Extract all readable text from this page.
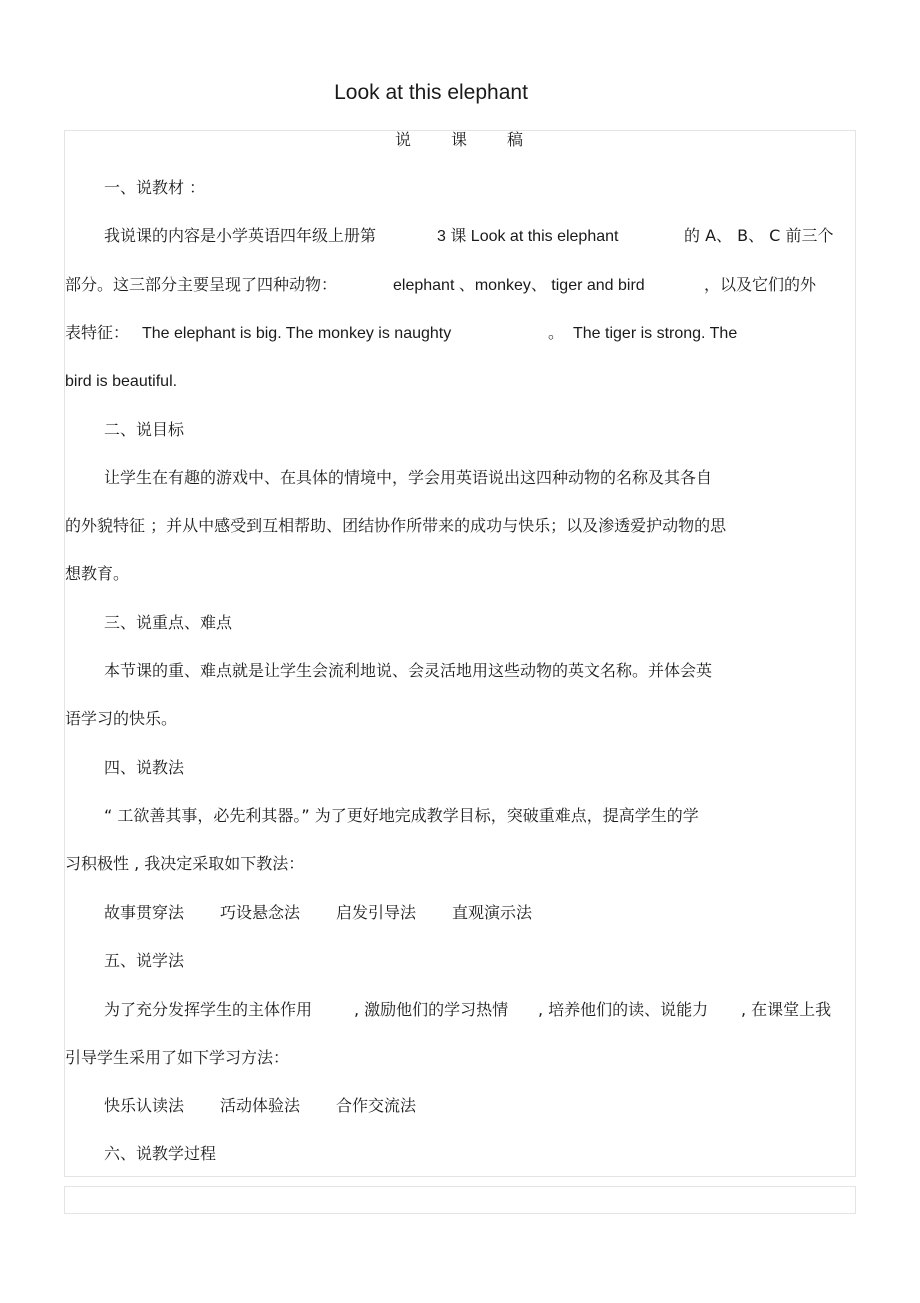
Look at this elephant
说	课	稿
一、说教材 ：
我说课的内容是小学英语四年级上册第	3 课 Look at this elephant	的 A、 B、 C 前三个
部分。这三部分主要呈现了四种动物：	elephant 、monkey、 tiger and bird	，以及它们的外
表特征： The elephant is big. The monkey is naughty	。 The tiger is strong. The
bird is beautiful.
二、说目标
让学生在有趣的游戏中、在具体的情境中，学会用英语说出这四种动物的名称及其各自
的外貌特征 ；并从中感受到互相帮助、团结协作所带来的成功与快乐；以及渗透爱护动物的思
想教育。
三、说重点、难点
本节课的重、难点就是让学生会流利地说、会灵活地用这些动物的英文名称。并体会英
语学习的快乐。
四、说教法
“ 工欲善其事，必先利其器。” 为了更好地完成教学目标，突破重难点，提高学生的学
习积极性 , 我决定采取如下教法：
故事贯穿法 巧设悬念法 启发引导法 直观演示法
五、说学法
为了充分发挥学生的主体作用	, 激励他们的学习热情 , 培养他们的读、说能力 , 在课堂上我
引导学生采用了如下学习方法：
快乐认读法 活动体验法 合作交流法
六、说教学过程
